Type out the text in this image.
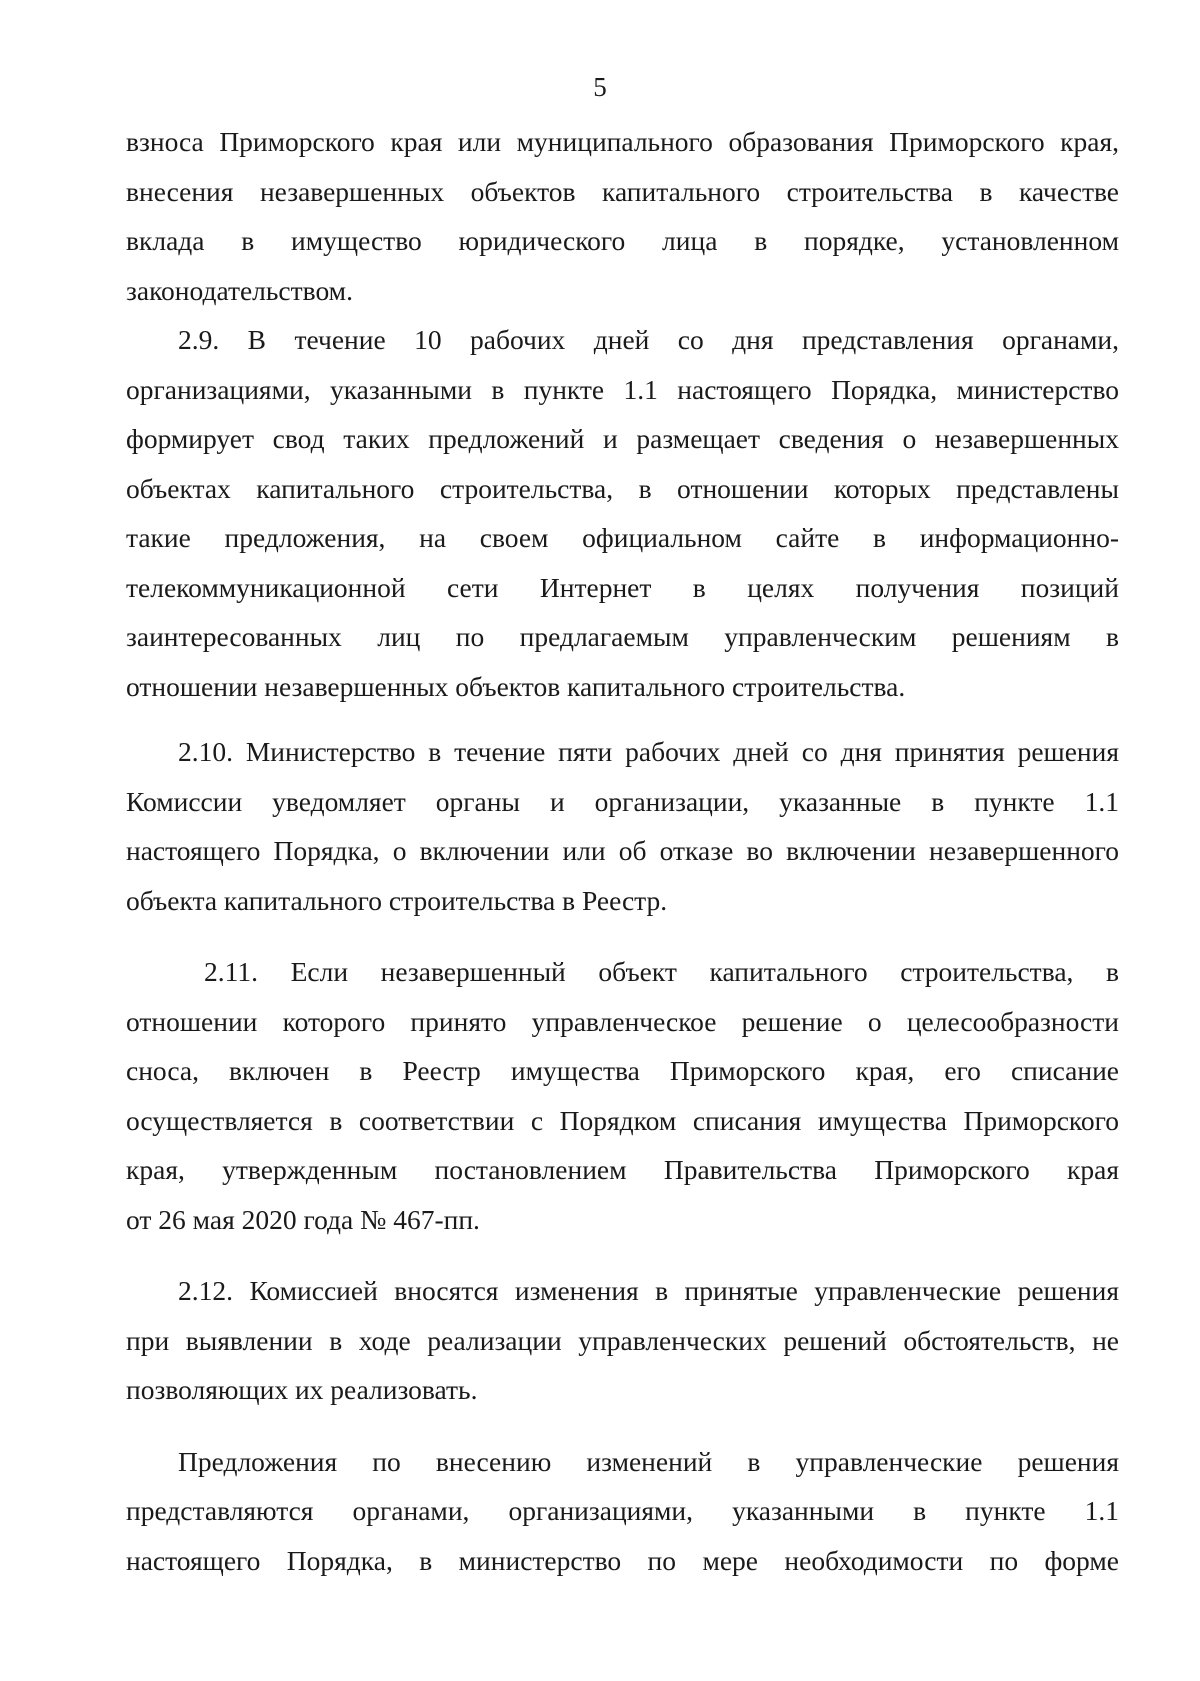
5
взноса Приморского края или муниципального образования Приморского края,
внесения незавершенных объектов капитального строительства в качестве
вклада в имущество юридического лица в порядке, установленном
законодательством.
2.9. В течение 10 рабочих дней со дня представления органами,
организациями, указанными в пункте 1.1 настоящего Порядка, министерство
формирует свод таких предложений и размещает сведения о незавершенных
объектах капитального строительства, в отношении которых представлены
такие предложения, на своем официальном сайте в информационно-
телекоммуникационной сети Интернет в целях получения позиций
заинтересованных лиц по предлагаемым управленческим решениям в
отношении незавершенных объектов капитального строительства.
2.10. Министерство в течение пяти рабочих дней со дня принятия решения
Комиссии уведомляет органы и организации, указанные в пункте 1.1
настоящего Порядка, о включении или об отказе во включении незавершенного
объекта капитального строительства в Реестр.
2.11. Если незавершенный объект капитального строительства, в
отношении которого принято управленческое решение о целесообразности
сноса, включен в Реестр имущества Приморского края, его списание
осуществляется в соответствии с Порядком списания имущества Приморского
края, утвержденным постановлением Правительства Приморского края
от 26 мая 2020 года № 467-пп.
2.12. Комиссией вносятся изменения в принятые управленческие решения
при выявлении в ходе реализации управленческих решений обстоятельств, не
позволяющих их реализовать.
Предложения по внесению изменений в управленческие решения
представляются органами, организациями, указанными в пункте 1.1
настоящего Порядка, в министерство по мере необходимости по форме
